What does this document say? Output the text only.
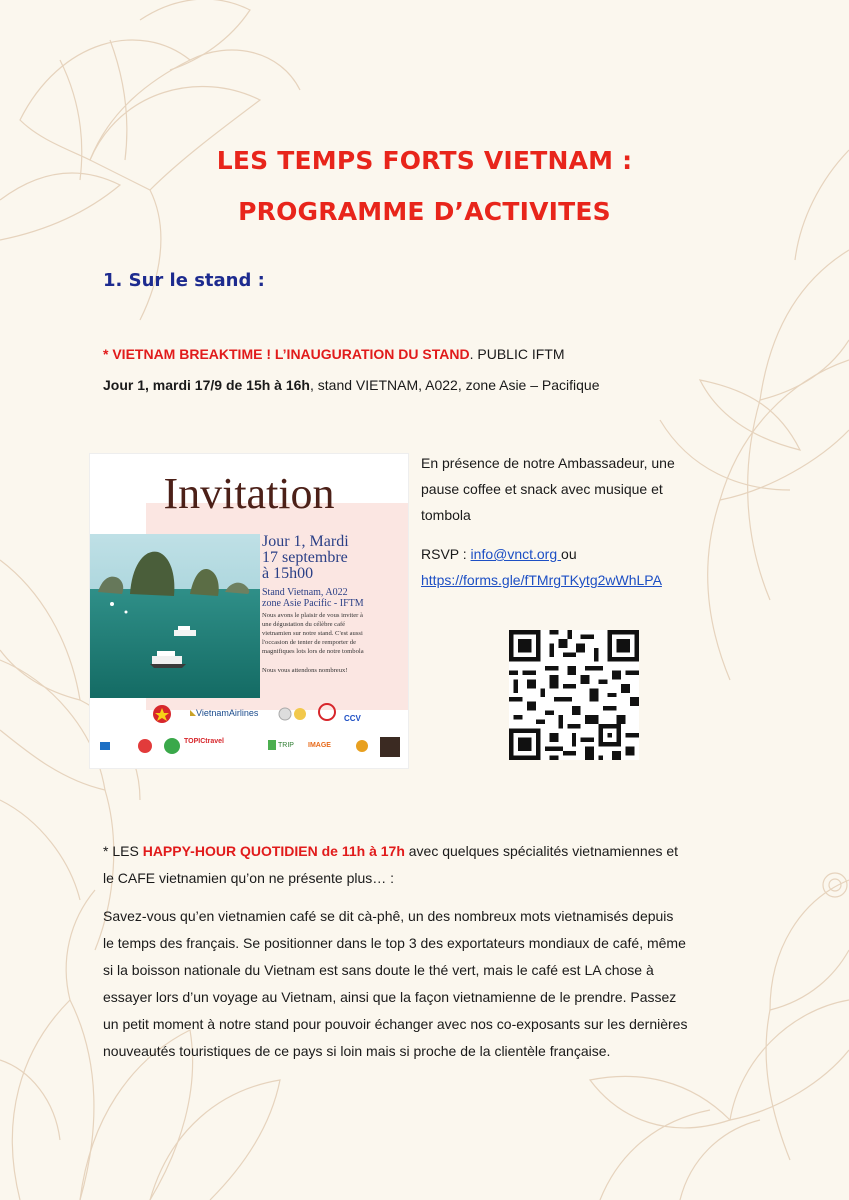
LES TEMPS FORTS VIETNAM :
PROGRAMME D’ACTIVITES
1. Sur le stand :
* VIETNAM BREAKTIME ! L’INAUGURATION DU STAND. PUBLIC IFTM
Jour 1, mardi 17/9 de 15h à 16h, stand VIETNAM, A022, zone Asie – Pacifique
Invitation
Jour 1, Mardi
17 septembre
à 15h00
Stand Vietnam, A022
zone Asie Pacific - IFTM
Nous avons le plaisir de vous inviter à
une dégustation du célèbre café
vietnamien sur notre stand. C'est aussi
l'occasion de tenter de remporter de
magnifiques lots lors de notre tombola
Nous vous attendons nombreux!
VietnamAirlines
CCV
TOPICtravel
TRIP IMAGE
En présence de notre Ambassadeur, une
pause coffee et snack avec musique et
tombola
RSVP : info@vnct.org ou
https://forms.gle/fTMrgTKytg2wWhLPA
* LES HAPPY-HOUR QUOTIDIEN de 11h à 17h avec quelques spécialités vietnamiennes et
le CAFE vietnamien qu’on ne présente plus… :
Savez-vous qu’en vietnamien café se dit cà-phê, un des nombreux mots vietnamisés depuis
le temps des français. Se positionner dans le top 3 des exportateurs mondiaux de café, même
si la boisson nationale du Vietnam est sans doute le thé vert, mais le café est LA chose à
essayer lors d’un voyage au Vietnam, ainsi que la façon vietnamienne de le prendre. Passez
un petit moment à notre stand pour pouvoir échanger avec nos co-exposants sur les dernières
nouveautés touristiques de ce pays si loin mais si proche de la clientèle française.
